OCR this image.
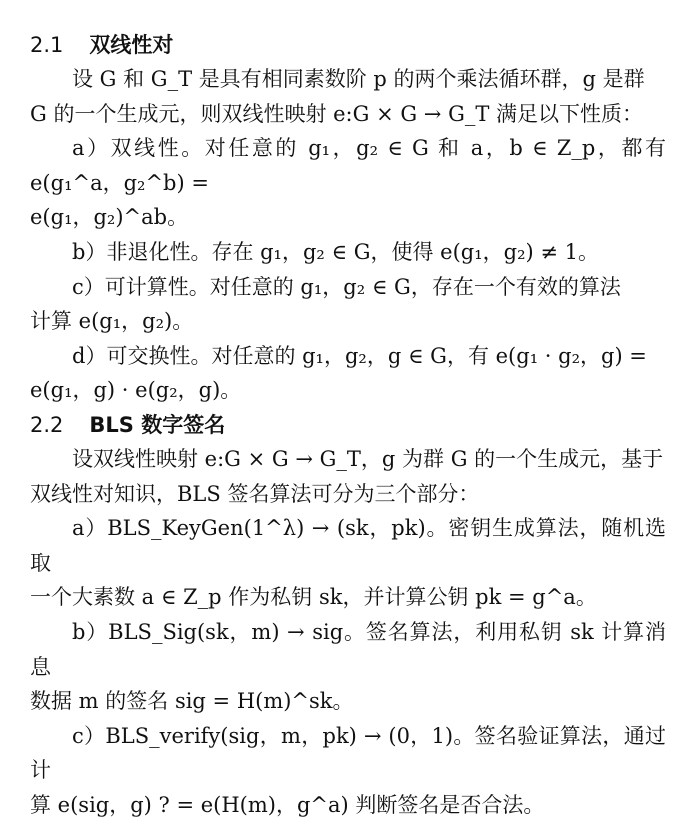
2.1 双线性对

设 G 和 G_T 是具有相同素数阶 p 的两个乘法循环群，g 是群

G 的一个生成元，则双线性映射 e:G × G → G_T 满足以下性质：

a）双线性。对任意的 g₁，g₂ ∈ G 和 a，b ∈ Z_p，都有 e(g₁^a，g₂^b) =

e(g₁，g₂)^ab。

b）非退化性。存在 g₁，g₂ ∈ G，使得 e(g₁，g₂) ≠ 1。

c）可计算性。对任意的 g₁，g₂ ∈ G，存在一个有效的算法

计算 e(g₁，g₂)。

d）可交换性。对任意的 g₁，g₂，g ∈ G，有 e(g₁ · g₂，g) =

e(g₁，g) · e(g₂，g)。

2.2 BLS 数字签名

设双线性映射 e:G × G → G_T，g 为群 G 的一个生成元，基于

双线性对知识，BLS 签名算法可分为三个部分：

a）BLS_KeyGen(1^λ) → (sk，pk)。密钥生成算法，随机选取

一个大素数 a ∈ Z_p 作为私钥 sk，并计算公钥 pk = g^a。

b）BLS_Sig(sk，m) → sig。签名算法，利用私钥 sk 计算消息

数据 m 的签名 sig = H(m)^sk。

c）BLS_verify(sig，m，pk) → (0，1)。签名验证算法，通过计

算 e(sig，g) ? = e(H(m)，g^a) 判断签名是否合法。
